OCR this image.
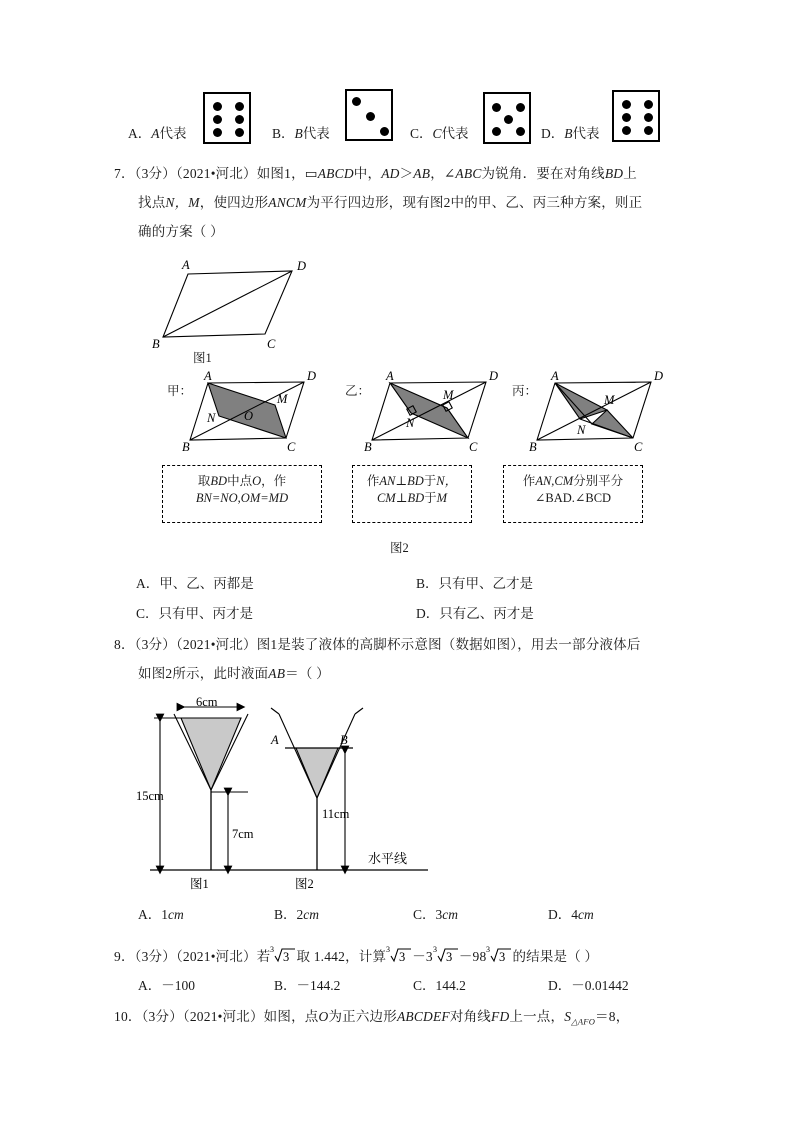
A．A代表	B．B代表	C．C代表	D．B代表
7．（3分）（2021•河北）如图1，▭ABCD中，AD＞AB，∠ABC为锐角．要在对角线BD上
找点N，M，使四边形ANCM为平行四边形，现有图2中的甲、乙、丙三种方案，则正
确的方案（ ）
A
B	C
D
图1
甲：
A
B	C
D
M
N O
取BD中点O，作
BN=NO,OM=MD
乙：
A
B	C
D
M
N
作AN⊥BD于N，
CM⊥BD于M
丙：
A
B	C
D
M
N
作AN,CM分别平分
∠BAD.∠BCD
图2
A．甲、乙、丙都是	B．只有甲、乙才是
C．只有甲、丙才是	D．只有乙、丙才是
8．（3分）（2021•河北）图1是装了液体的高脚杯示意图（数据如图），用去一部分液体后
如图2所示，此时液面AB＝（ ）
6cm
15cm
7cm
图1
A	B
11cm
图2
水平线
A．1cm	B．2cm	C．3cm	D．4cm
9．（3分）（2021•河北）若 3
3 取 1.442，计算 3
3 －3 3
3 －98 3
3 的结果是（ ）
A．－100	B．－144.2	C．144.2	D．－0.01442
10．（3分）（2021•河北）如图，点O为正六边形ABCDEF对角线FD上一点，$S_{\triangle AFO}=8$，
